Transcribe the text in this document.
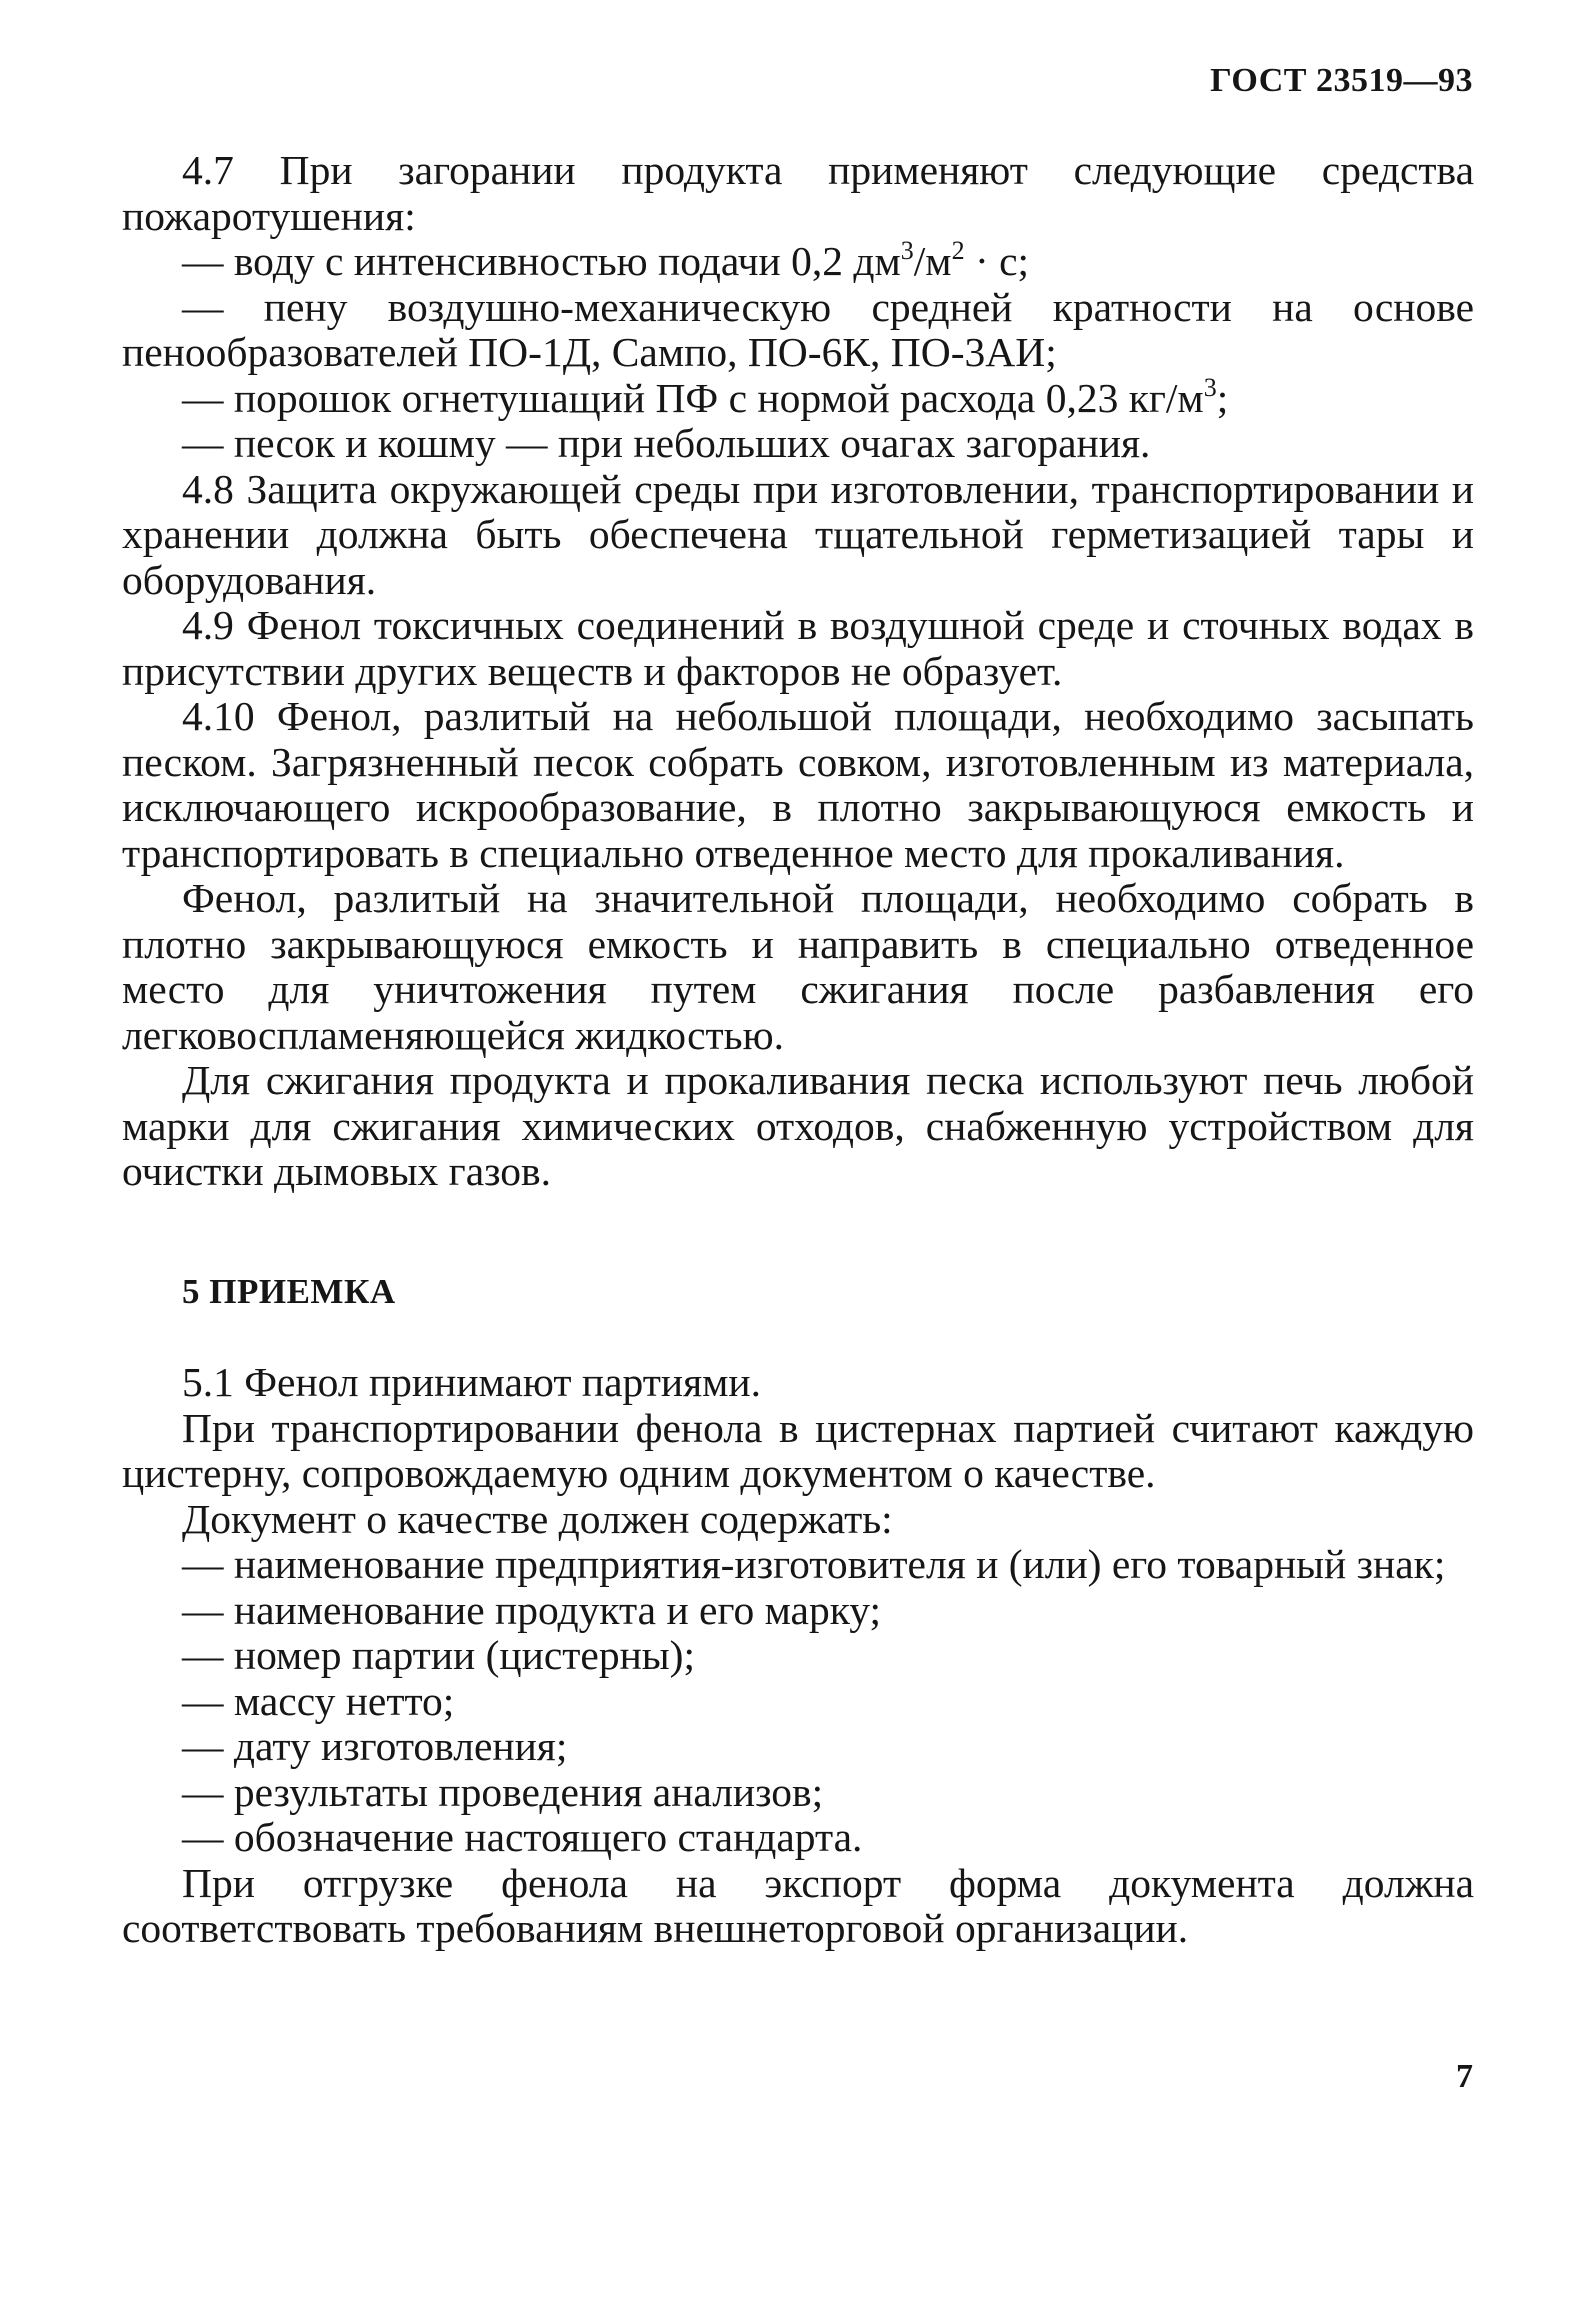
ГОСТ 23519—93

4.7 При загорании продукта применяют следующие средства пожаротушения:

— воду с интенсивностью подачи 0,2 $дм^3/м^2 \cdot с$;

— пену воздушно-механическую средней кратности на основе пенообразователей ПО-1Д, Сампо, ПО-6К, ПО-3АИ;

— порошок огнетушащий ПФ с нормой расхода 0,23 $кг/м^3$;

— песок и кошму — при небольших очагах загорания.

4.8 Защита окружающей среды при изготовлении, транспортировании и хранении должна быть обеспечена тщательной герметизацией тары и оборудования.

4.9 Фенол токсичных соединений в воздушной среде и сточных водах в присутствии других веществ и факторов не образует.

4.10 Фенол, разлитый на небольшой площади, необходимо засыпать песком. Загрязненный песок собрать совком, изготовленным из материала, исключающего искрообразование, в плотно закрывающуюся емкость и транспортировать в специально отведенное место для прокаливания.

Фенол, разлитый на значительной площади, необходимо собрать в плотно закрывающуюся емкость и направить в специально отведенное место для уничтожения путем сжигания после разбавления его легковоспламеняющейся жидкостью.

Для сжигания продукта и прокаливания песка используют печь любой марки для сжигания химических отходов, снабженную устройством для очистки дымовых газов.

5 ПРИЕМКА

5.1 Фенол принимают партиями.

При транспортировании фенола в цистернах партией считают каждую цистерну, сопровождаемую одним документом о качестве.

Документ о качестве должен содержать:

— наименование предприятия-изготовителя и (или) его товарный знак;

— наименование продукта и его марку;

— номер партии (цистерны);

— массу нетто;

— дату изготовления;

— результаты проведения анализов;

— обозначение настоящего стандарта.

При отгрузке фенола на экспорт форма документа должна соответствовать требованиям внешнеторговой организации.

7
